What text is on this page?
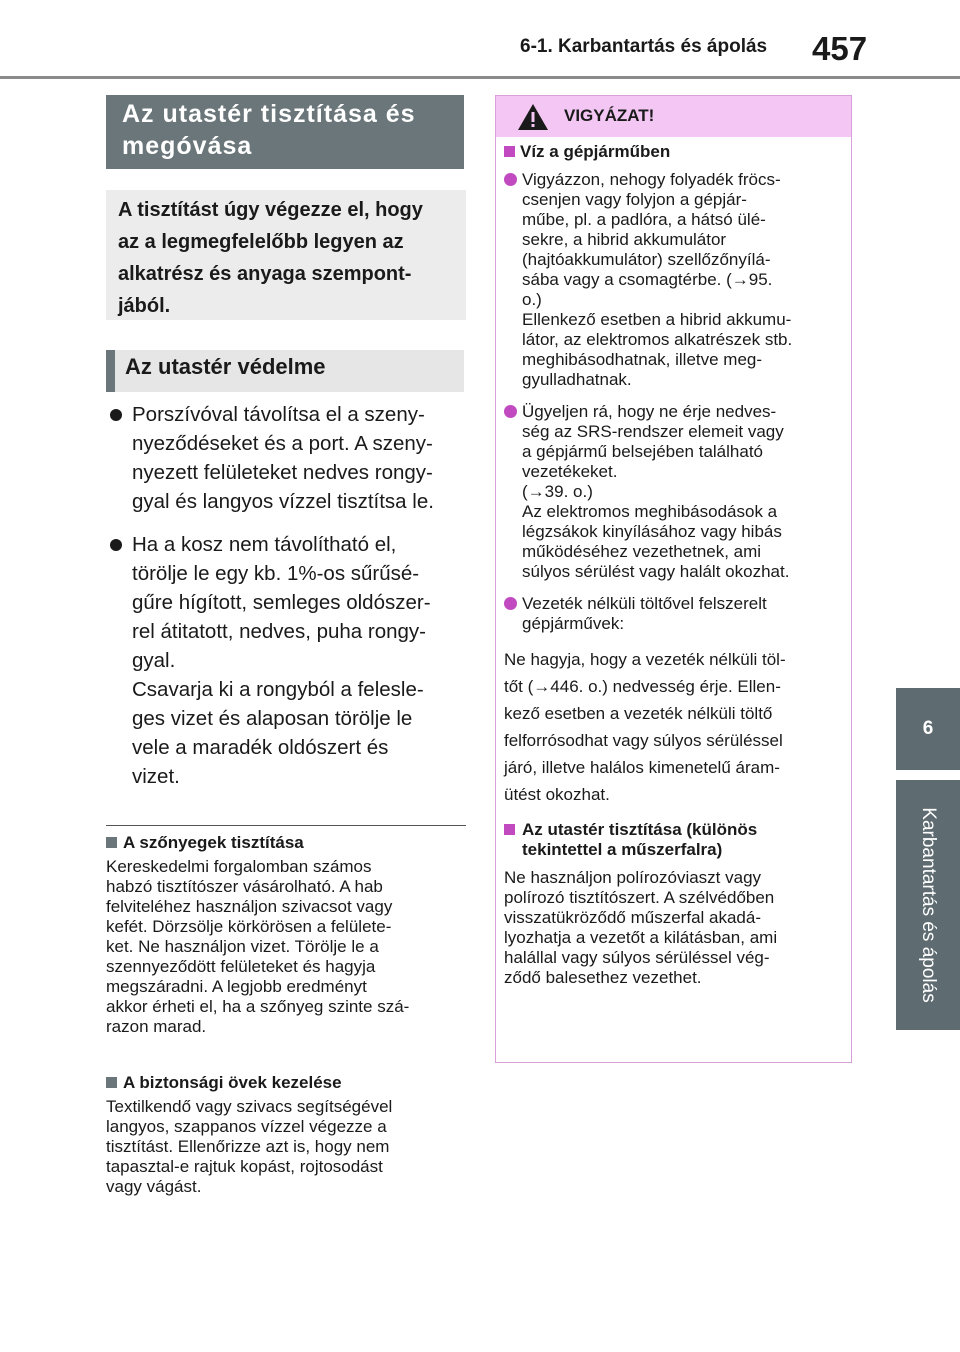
6-1. Karbantartás és ápolás	457
6
Karbantartás és ápolás
Az utastér tisztítása és
megóvása
A tisztítást úgy végezze el, hogy
az a legmegfelelőbb legyen az
alkatrész és anyaga szempont-
jából.
Az utastér védelme

Porszívóval távolítsa el a szeny-

nyeződéseket és a port. A szeny-

nyezett felületeket nedves rongy-

gyal és langyos vízzel tisztítsa le.

Ha a kosz nem távolítható el,

törölje le egy kb. 1%-os sűrűsé-

gűre hígított, semleges oldószer-

rel átitatott, nedves, puha rongy-

gyal.

Csavarja ki a rongyból a felesle-

ges vizet és alaposan törölje le

vele a maradék oldószert és

vizet.

A szőnyegek tisztítása
Kereskedelmi forgalomban számos
habzó tisztítószer vásárolható. A hab
felviteléhez használjon szivacsot vagy
kefét. Dörzsölje körkörösen a felülete-
ket. Ne használjon vizet. Törölje le a
szennyeződött felületeket és hagyja
megszáradni. A legjobb eredményt
akkor érheti el, ha a szőnyeg szinte szá-
razon marad.
A biztonsági övek kezelése
Textilkendő vagy szivacs segítségével
langyos, szappanos vízzel végezze a
tisztítást. Ellenőrizze azt is, hogy nem
tapasztal-e rajtuk kopást, rojtosodást
vagy vágást.
VIGYÁZAT!
Víz a gépjárműben

Vigyázzon, nehogy folyadék fröcs-

csenjen vagy folyjon a gépjár-

műbe, pl. a padlóra, a hátsó ülé-

sekre, a hibrid akkumulátor

(hajtóakkumulátor) szellőzőnyílá-

sába vagy a csomagtérbe. (→95.

o.)

Ellenkező esetben a hibrid akkumu-

látor, az elektromos alkatrészek stb.

meghibásodhatnak, illetve meg-

gyulladhatnak.

Ügyeljen rá, hogy ne érje nedves-

ség az SRS-rendszer elemeit vagy

a gépjármű belsejében található

vezetékeket.

(→39. o.)

Az elektromos meghibásodások a

légzsákok kinyílásához vagy hibás

működéséhez vezethetnek, ami

súlyos sérülést vagy halált okozhat.

Vezeték nélküli töltővel felszerelt

gépjárművek:

Ne hagyja, hogy a vezeték nélküli töl-
tőt (→446. o.) nedvesség érje. Ellen-
kező esetben a vezeték nélküli töltő
felforrósodhat vagy súlyos sérüléssel
járó, illetve halálos kimenetelű áram-
ütést okozhat.
Az utastér tisztítása (különös
tekintettel a műszerfalra)
Ne használjon polírozóviaszt vagy
polírozó tisztítószert. A szélvédőben
visszatükröződő műszerfal akadá-
lyozhatja a vezetőt a kilátásban, ami
halállal vagy súlyos sérüléssel vég-
ződő balesethez vezethet.
